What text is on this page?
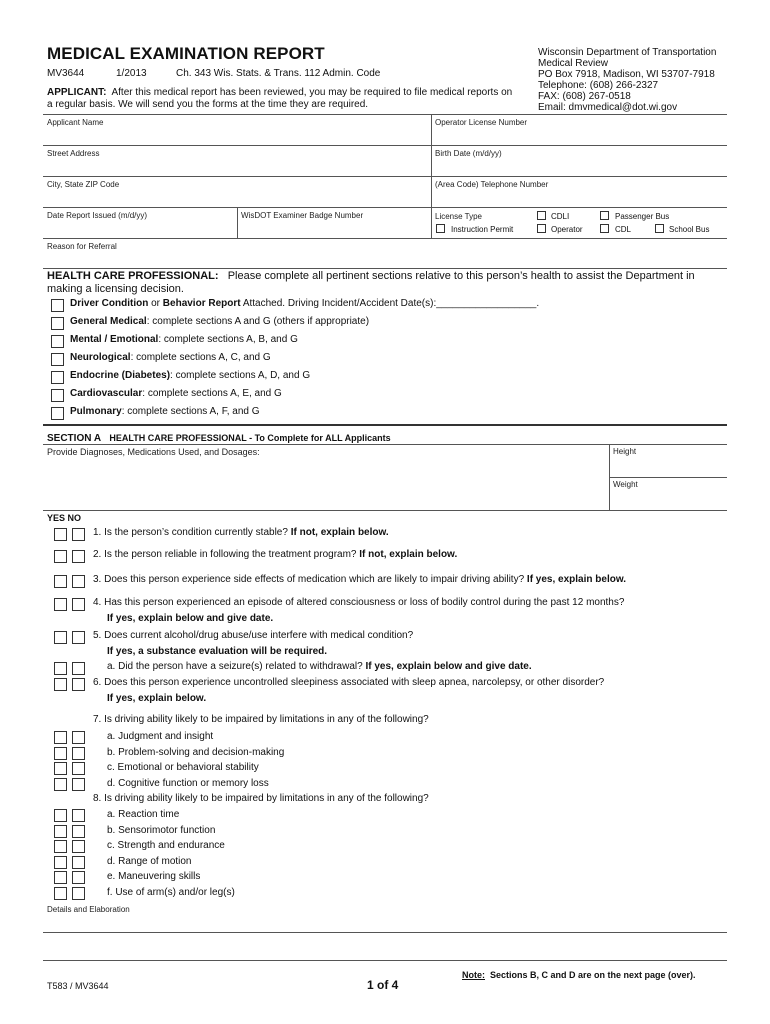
MEDICAL EXAMINATION REPORT
MV3644	1/2013	Ch. 343 Wis. Stats. & Trans. 112 Admin. Code
APPLICANT: After this medical report has been reviewed, you may be required to file medical reports on a regular basis. We will send you the forms at the time they are required.
Wisconsin Department of Transportation
Medical Review
PO Box 7918, Madison, WI 53707-7918
Telephone: (608) 266-2327
FAX: (608) 267-0518
Email: dmvmedical@dot.wi.gov
Applicant Name	Operator License Number
Street Address	Birth Date (m/d/yy)
City, State ZIP Code	(Area Code) Telephone Number
Date Report Issued (m/d/yy)	WisDOT Examiner Badge Number	License Type	CDLI	Passenger Bus
Instruction Permit	Operator	CDL	School Bus
Reason for Referral
HEALTH CARE PROFESSIONAL: Please complete all pertinent sections relative to this person’s health to assist the Department in making a licensing decision.
Driver Condition or Behavior Report Attached. Driving Incident/Accident Date(s):__________________.
General Medical: complete sections A and G (others if appropriate)
Mental / Emotional: complete sections A, B, and G
Neurological: complete sections A, C, and G
Endocrine (Diabetes): complete sections A, D, and G
Cardiovascular: complete sections A, E, and G
Pulmonary: complete sections A, F, and G
SECTION A HEALTH CARE PROFESSIONAL - To Complete for ALL Applicants
Provide Diagnoses, Medications Used, and Dosages:	Height
Weight
YES NO
1. Is the person’s condition currently stable? If not, explain below.
2. Is the person reliable in following the treatment program? If not, explain below.
3. Does this person experience side effects of medication which are likely to impair driving ability? If yes, explain below.
4. Has this person experienced an episode of altered consciousness or loss of bodily control during the past 12 months?
If yes, explain below and give date.
5. Does current alcohol/drug abuse/use interfere with medical condition?
If yes, a substance evaluation will be required.
a. Did the person have a seizure(s) related to withdrawal? If yes, explain below and give date.
6. Does this person experience uncontrolled sleepiness associated with sleep apnea, narcolepsy, or other disorder?
If yes, explain below.
7. Is driving ability likely to be impaired by limitations in any of the following?
a. Judgment and insight
b. Problem-solving and decision-making
c. Emotional or behavioral stability
d. Cognitive function or memory loss
8. Is driving ability likely to be impaired by limitations in any of the following?
a. Reaction time
b. Sensorimotor function
c. Strength and endurance
d. Range of motion
e. Maneuvering skills
f. Use of arm(s) and/or leg(s)
Details and Elaboration
T583 / MV3644	1 of 4
Note: Sections B, C and D are on the next page (over).
